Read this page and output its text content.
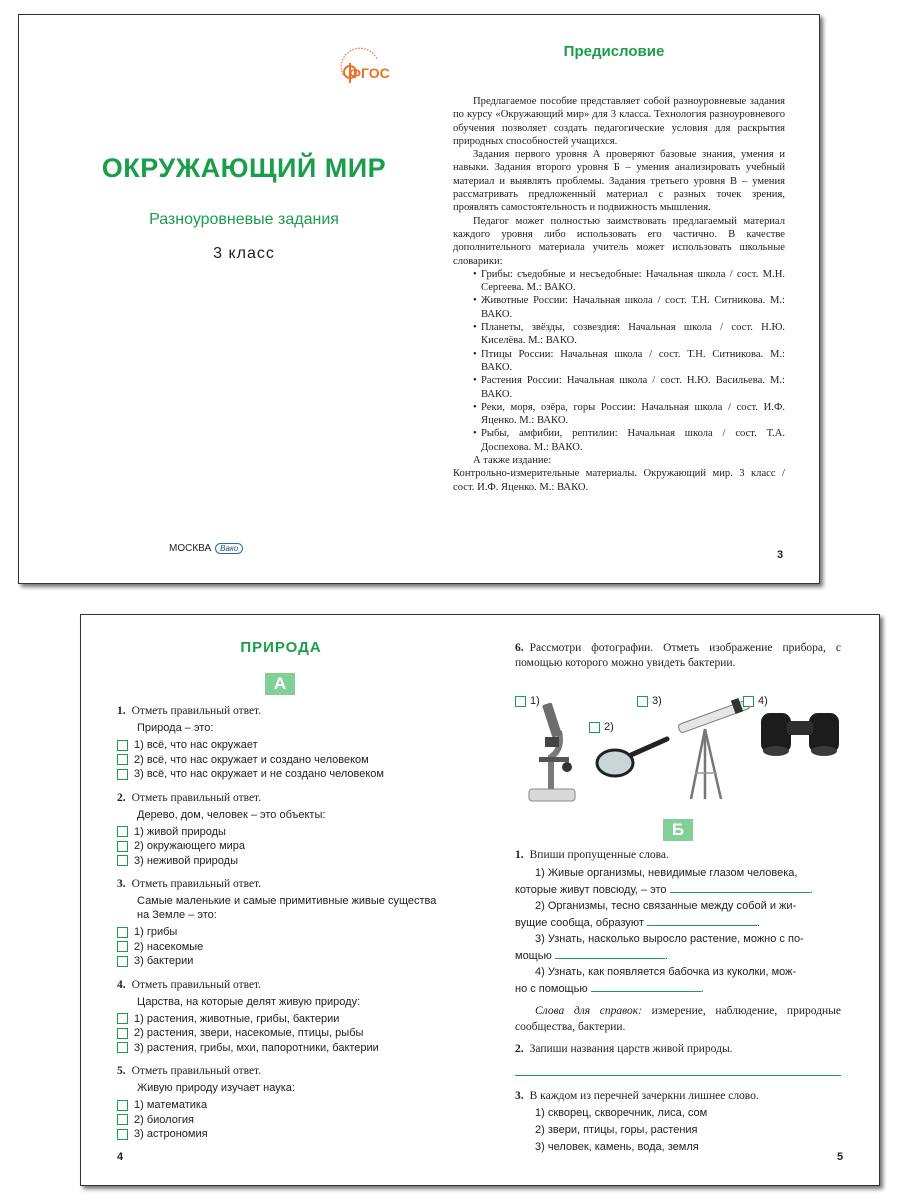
ФГОС
ОКРУЖАЮЩИЙ МИР
Разноуровневые задания
3 класс
МОСКВА	Вако
Предисловие

Предлагаемое пособие представляет собой разноуровневые задания по курсу «Окружающий мир» для 3 класса. Технология разноуровневого обучения позволяет создать педагогические условия для раскрытия природных способностей учащихся.

Задания первого уровня А проверяют базовые знания, умения и навыки. Задания второго уровня Б – умения анализировать учебный материал и выявлять проблемы. Задания третьего уровня В – умения рассматривать предложенный материал с разных точек зрения, проявлять самостоятельность и подвижность мышления.

Педагог может полностью заимствовать предлагаемый материал каждого уровня либо использовать его частично. В качестве дополнительного материала учитель может использовать школьные словарики:

• Грибы: съедобные и несъедобные: Начальная школа / сост. М.Н. Сергеева. М.: ВАКО.
• Животные России: Начальная школа / сост. Т.Н. Ситникова. М.: ВАКО.
• Планеты, звёзды, созвездия: Начальная школа / сост. Н.Ю. Киселёва. М.: ВАКО.
• Птицы России: Начальная школа / сост. Т.Н. Ситникова. М.: ВАКО.
• Растения России: Начальная школа / сост. Н.Ю. Васильева. М.: ВАКО.
• Реки, моря, озёра, горы России: Начальная школа / сост. И.Ф. Яценко. М.: ВАКО.
• Рыбы, амфибии, рептилии: Начальная школа / сост. Т.А. Доспехова. М.: ВАКО.

А также издание:

Контрольно-измерительные материалы. Окружающий мир. 3 класс / сост. И.Ф. Яценко. М.: ВАКО.

3
ПРИРОДА
А
1. Отметь правильный ответ.
Природа – это:
1) всё, что нас окружает
2) всё, что нас окружает и создано человеком
3) всё, что нас окружает и не создано человеком
2. Отметь правильный ответ.
Дерево, дом, человек – это объекты:
1) живой природы
2) окружающего мира
3) неживой природы
3. Отметь правильный ответ.
Самые маленькие и самые примитивные живые существа на Земле – это:
1) грибы
2) насекомые
3) бактерии
4. Отметь правильный ответ.
Царства, на которые делят живую природу:
1) растения, животные, грибы, бактерии
2) растения, звери, насекомые, птицы, рыбы
3) растения, грибы, мхи, папоротники, бактерии
5. Отметь правильный ответ.
Живую природу изучает наука:
1) математика
2) биология
3) астрономия
4
6. Рассмотри фотографии. Отметь изображение прибора, с помощью которого можно увидеть бактерии.
1)
2)
3)	4)
Б
1. Впиши пропущенные слова.
1) Живые организмы, невидимые глазом человека,
которые живут повсюду, – это	.
2) Организмы, тесно связанные между собой и жи-
вущие сообща, образуют	.
3) Узнать, насколько выросло растение, можно с по-
мощью	.
4) Узнать, как появляется бабочка из куколки, мож-
но с помощью	.
Слова для справок: измерение, наблюдение, природные сообщества, бактерии.
2. Запиши названия царств живой природы.
3. В каждом из перечней зачеркни лишнее слово.
1) скворец, скворечник, лиса, сом
2) звери, птицы, горы, растения
3) человек, камень, вода, земля
5
